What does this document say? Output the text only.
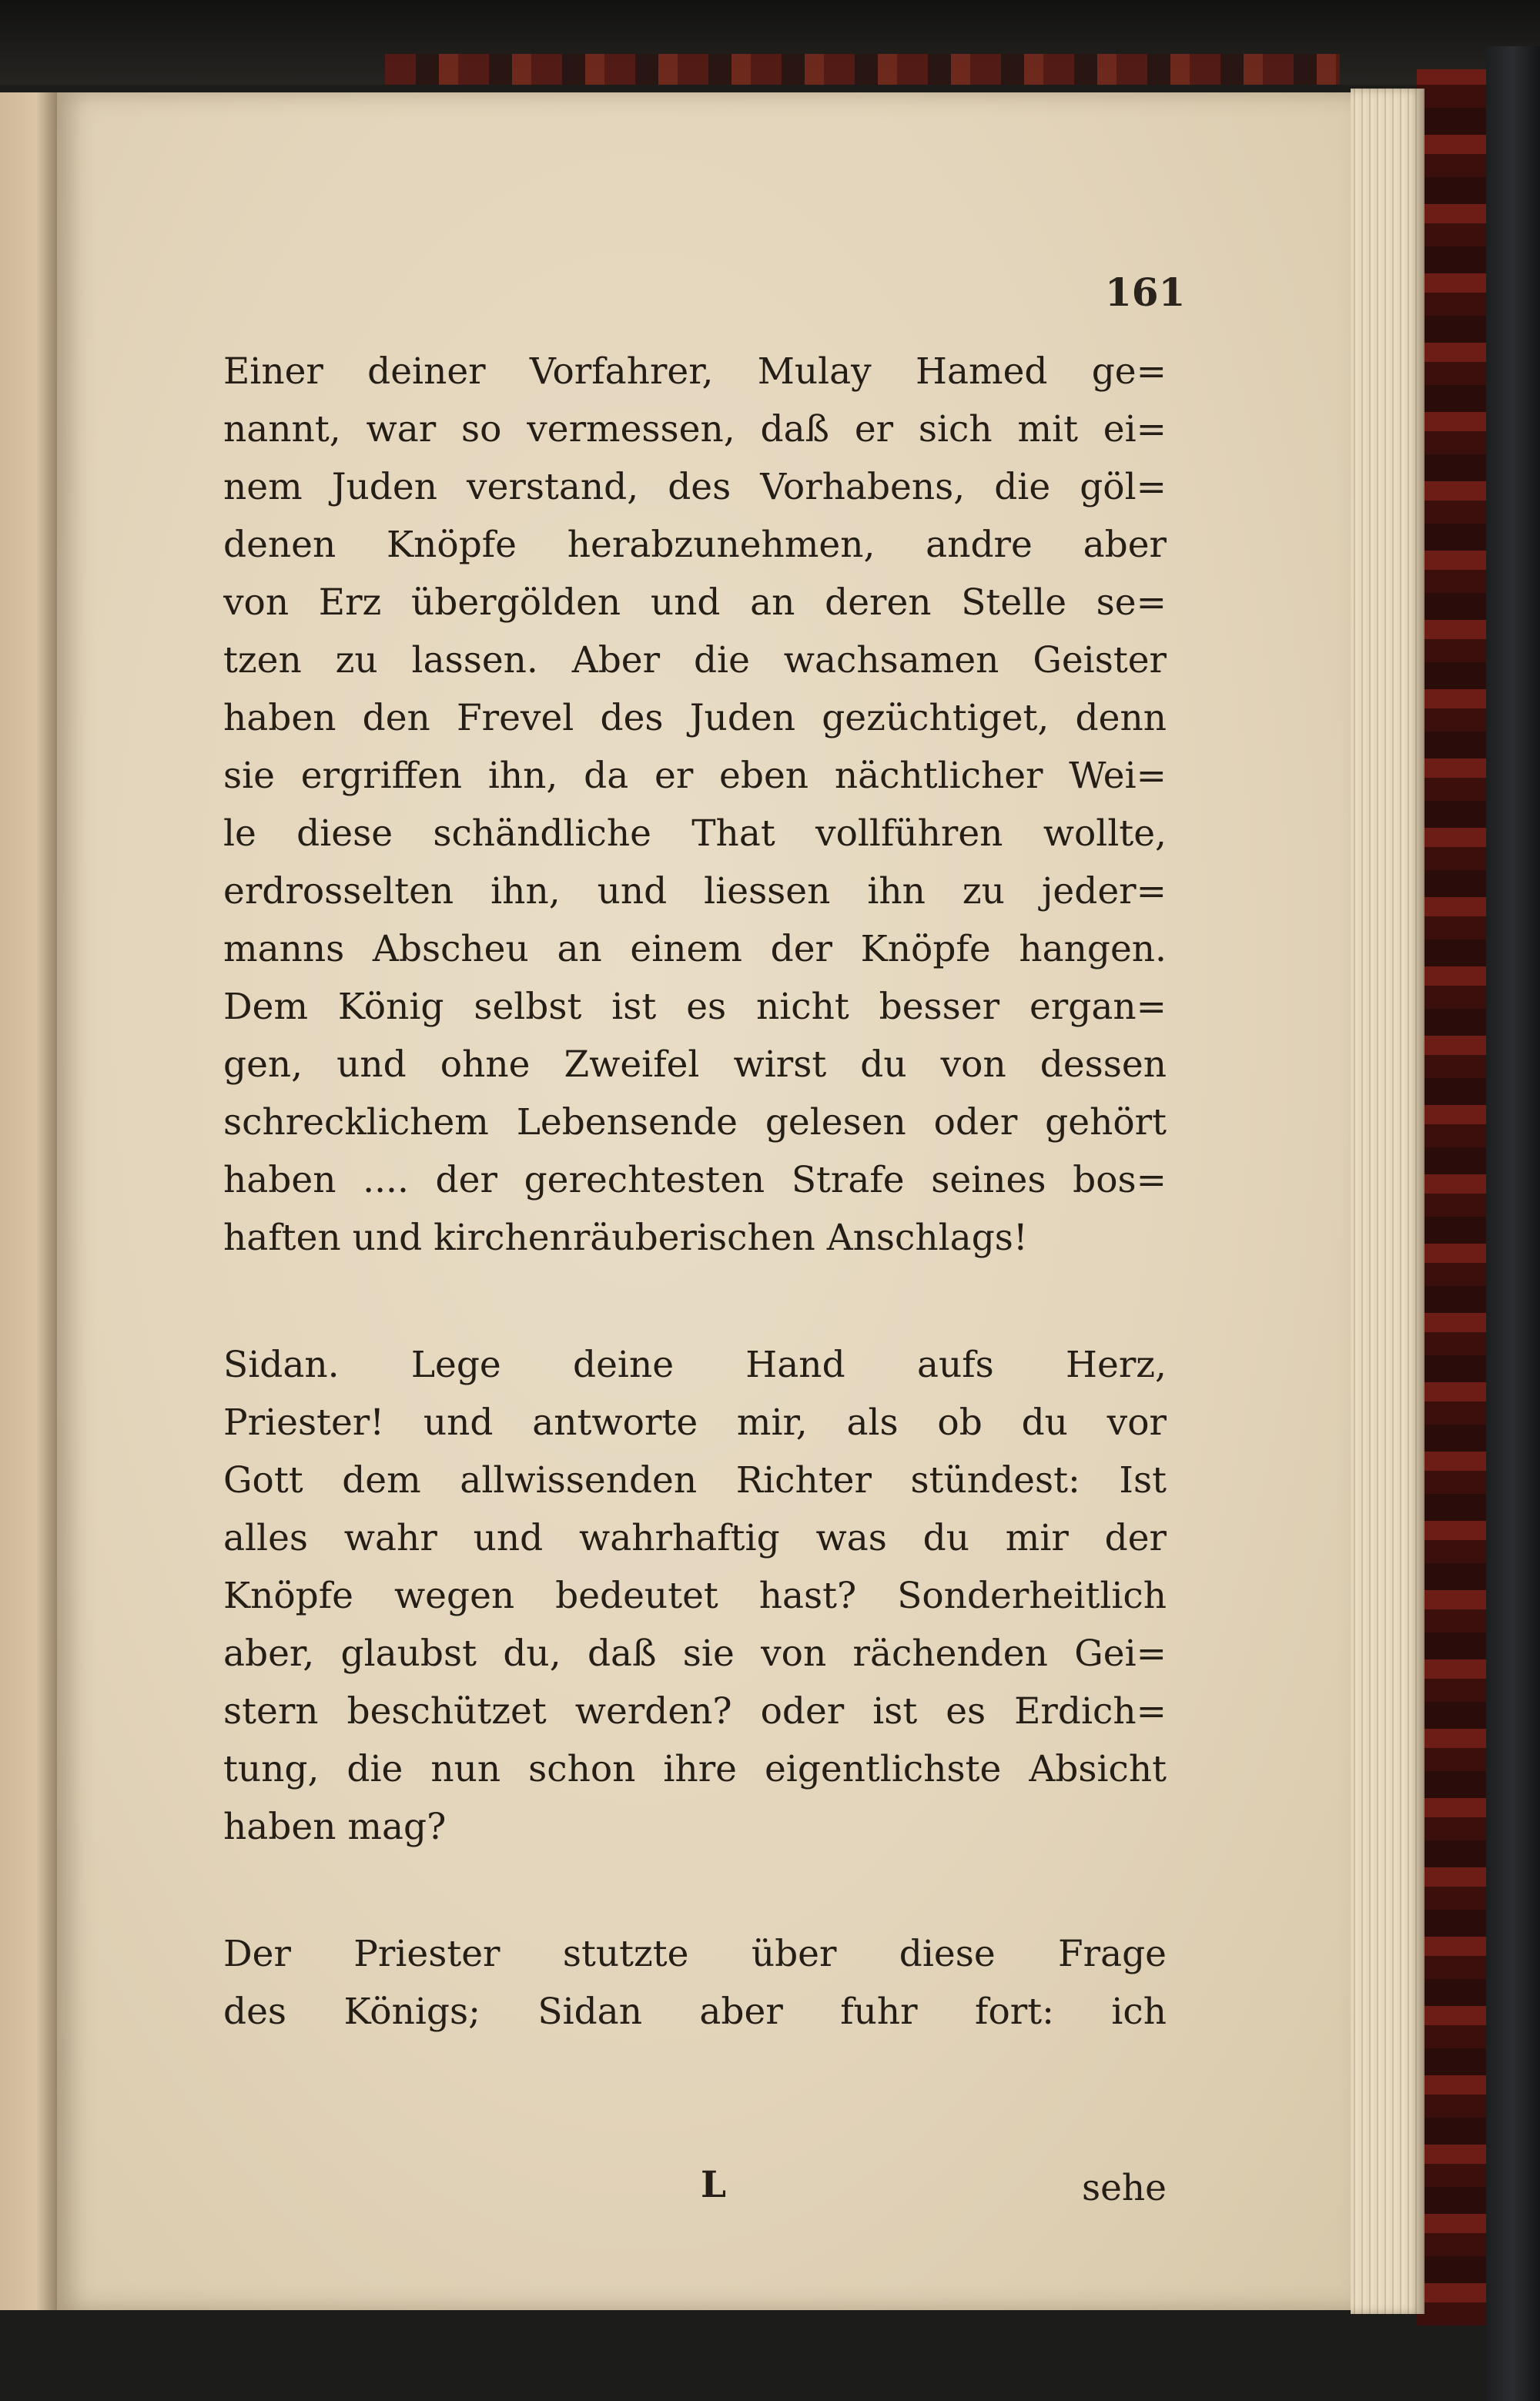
161

Einer deiner Vorfahrer, Mulay Hamed ge=
nannt, war so vermessen, daß er sich mit ei=
nem Juden verstand, des Vorhabens, die göl=
denen Knöpfe herabzunehmen, andre aber
von Erz übergölden und an deren Stelle se=
tzen zu lassen. Aber die wachsamen Geister
haben den Frevel des Juden gezüchtiget, denn
sie ergriffen ihn, da er eben nächtlicher Wei=
le diese schändliche That vollführen wollte,
erdrosselten ihn, und liessen ihn zu jeder=
manns Abscheu an einem der Knöpfe hangen.
Dem König selbst ist es nicht besser ergan=
gen, und ohne Zweifel wirst du von dessen
schrecklichem Lebensende gelesen oder gehört
haben .... der gerechtesten Strafe seines bos=
haften und kirchenräuberischen Anschlags!

Sidan. Lege deine Hand aufs Herz,
Priester! und antworte mir, als ob du vor
Gott dem allwissenden Richter stündest: Ist
alles wahr und wahrhaftig was du mir der
Knöpfe wegen bedeutet hast? Sonderheitlich
aber, glaubst du, daß sie von rächenden Gei=
stern beschützet werden? oder ist es Erdich=
tung, die nun schon ihre eigentlichste Absicht
haben mag?

Der Priester stutzte über diese Frage
des Königs; Sidan aber fuhr fort: ich

L	sehe
